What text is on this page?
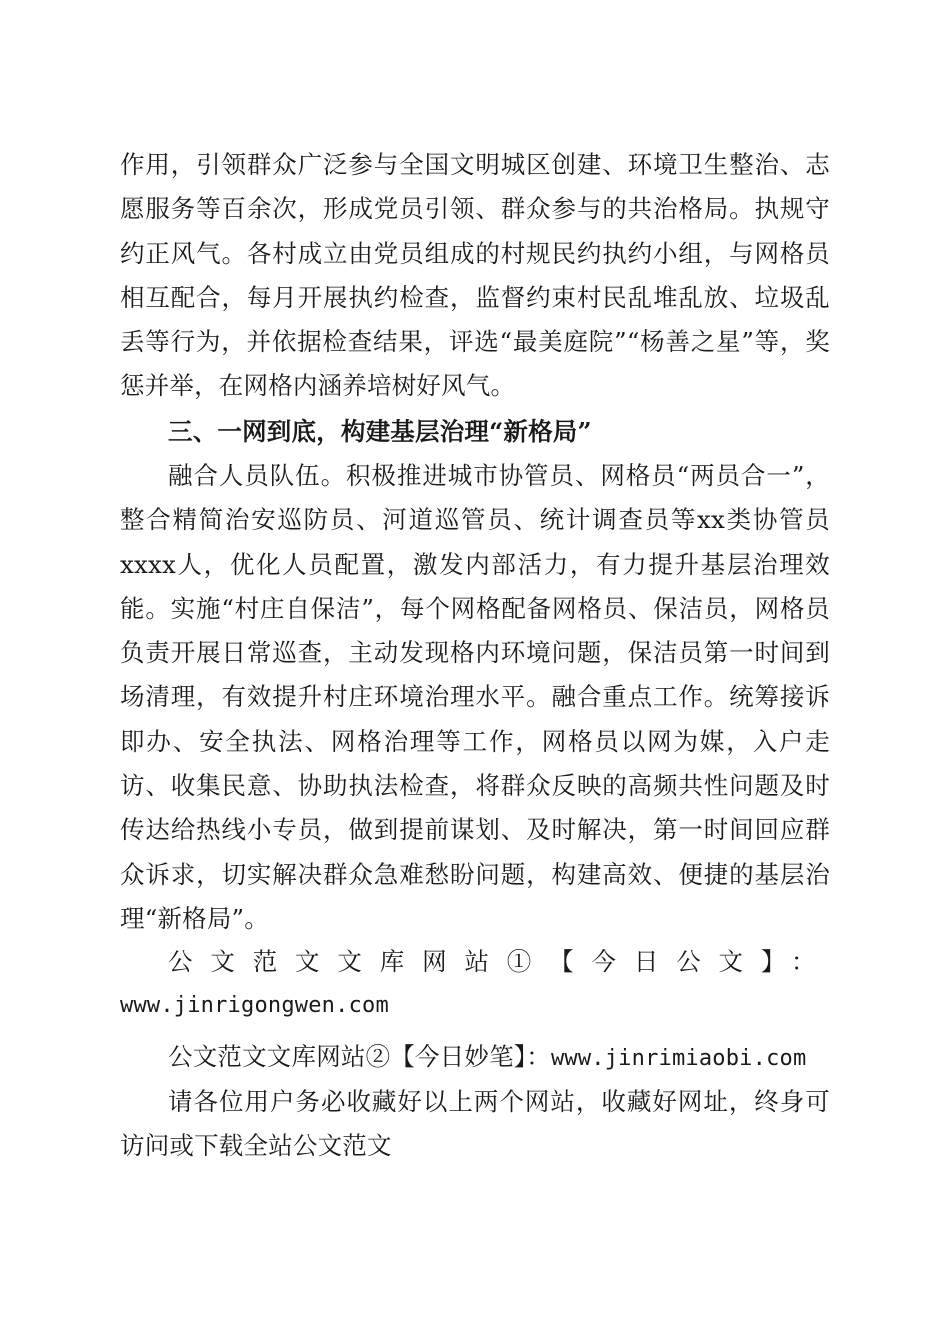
作用，引领群众广泛参与全国文明城区创建、环境卫生整治、志愿服务等百余次，形成党员引领、群众参与的共治格局。执规守约正风气。各村成立由党员组成的村规民约执约小组，与网格员相互配合，每月开展执约检查，监督约束村民乱堆乱放、垃圾乱丢等行为，并依据检查结果，评选“最美庭院”“杨善之星”等，奖惩并举，在网格内涵养培树好风气。

三、一网到底，构建基层治理“新格局”

融合人员队伍。积极推进城市协管员、网格员“两员合一”，整合精简治安巡防员、河道巡管员、统计调查员等xx类协管员xxxx人，优化人员配置，激发内部活力，有力提升基层治理效能。实施“村庄自保洁”，每个网格配备网格员、保洁员，网格员负责开展日常巡查，主动发现格内环境问题，保洁员第一时间到场清理，有效提升村庄环境治理水平。融合重点工作。统筹接诉即办、安全执法、网格治理等工作，网格员以网为媒，入户走访、收集民意、协助执法检查，将群众反映的高频共性问题及时传达给热线小专员，做到提前谋划、及时解决，第一时间回应群众诉求，切实解决群众急难愁盼问题，构建高效、便捷的基层治理“新格局”。

公文范文文库网站①【今日公文】：
www.jinrigongwen.com
公文范文文库网站②【今日妙笔】：www.jinrimiaobi.com

请各位用户务必收藏好以上两个网站，收藏好网址，终身可访问或下载全站公文范文
